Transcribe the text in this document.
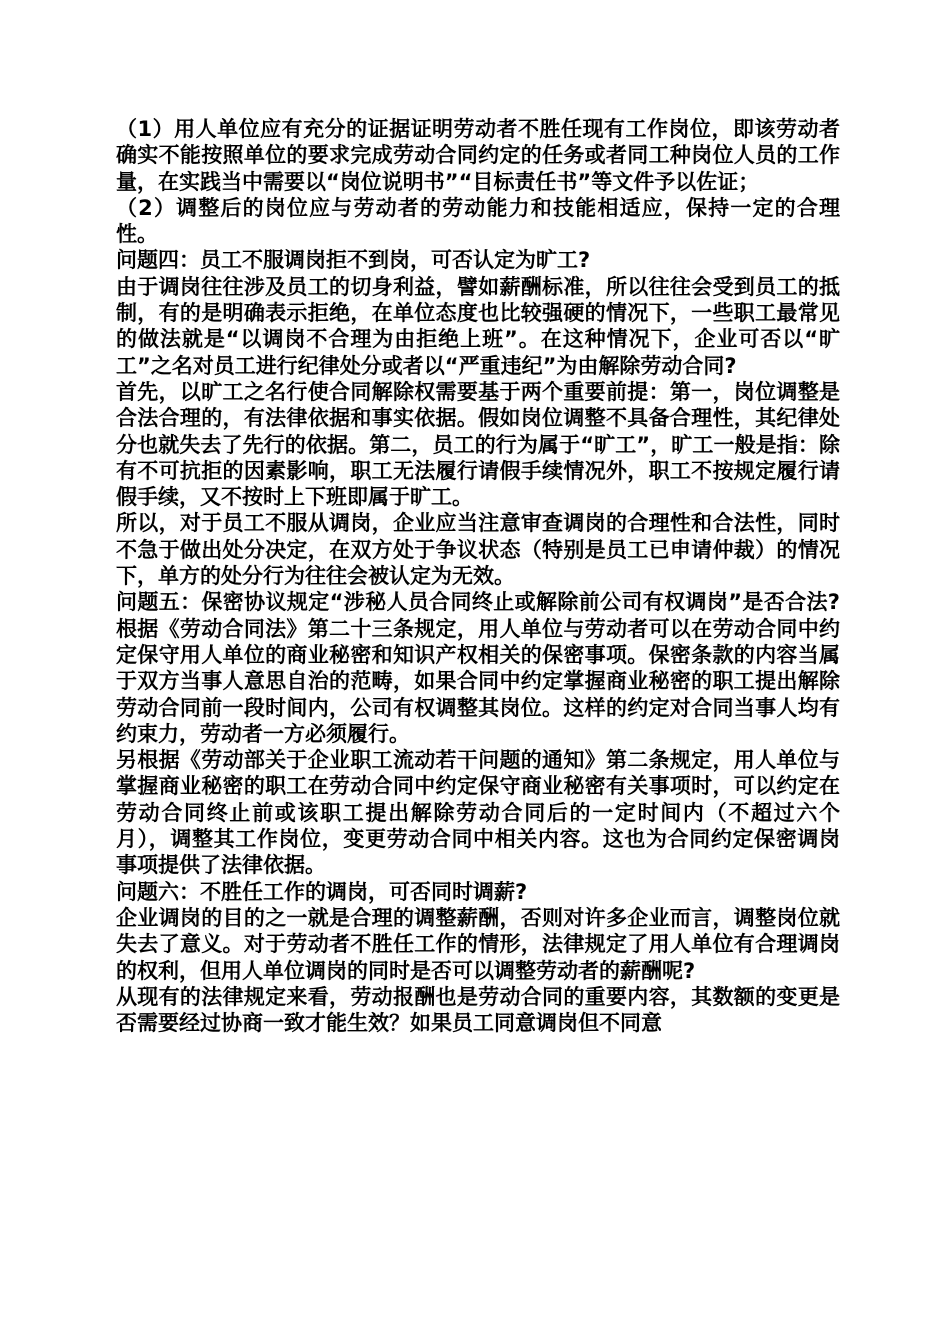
（1）用人单位应有充分的证据证明劳动者不胜任现有工作岗位，即该劳动者确实不能按照单位的要求完成劳动合同约定的任务或者同工种岗位人员的工作量，在实践当中需要以“岗位说明书”“目标责任书”等文件予以佐证；

（2）调整后的岗位应与劳动者的劳动能力和技能相适应，保持一定的合理性。

问题四：员工不服调岗拒不到岗，可否认定为旷工?

由于调岗往往涉及员工的切身利益，譬如薪酬标准，所以往往会受到员工的抵制，有的是明确表示拒绝，在单位态度也比较强硬的情况下，一些职工最常见的做法就是“以调岗不合理为由拒绝上班”。在这种情况下，企业可否以“旷工”之名对员工进行纪律处分或者以“严重违纪”为由解除劳动合同?

首先，以旷工之名行使合同解除权需要基于两个重要前提：第一，岗位调整是合法合理的，有法律依据和事实依据。假如岗位调整不具备合理性，其纪律处分也就失去了先行的依据。第二，员工的行为属于“旷工”，旷工一般是指：除有不可抗拒的因素影响，职工无法履行请假手续情况外，职工不按规定履行请假手续，又不按时上下班即属于旷工。

所以，对于员工不服从调岗，企业应当注意审查调岗的合理性和合法性，同时不急于做出处分决定，在双方处于争议状态（特别是员工已申请仲裁）的情况下，单方的处分行为往往会被认定为无效。

问题五：保密协议规定“涉秘人员合同终止或解除前公司有权调岗”是否合法?　根据《劳动合同法》第二十三条规定，用人单位与劳动者可以在劳动合同中约定保守用人单位的商业秘密和知识产权相关的保密事项。保密条款的内容当属于双方当事人意思自治的范畴，如果合同中约定掌握商业秘密的职工提出解除劳动合同前一段时间内，公司有权调整其岗位。这样的约定对合同当事人均有约束力，劳动者一方必须履行。

另根据《劳动部关于企业职工流动若干问题的通知》第二条规定，用人单位与掌握商业秘密的职工在劳动合同中约定保守商业秘密有关事项时，可以约定在劳动合同终止前或该职工提出解除劳动合同后的一定时间内（不超过六个月），调整其工作岗位，变更劳动合同中相关内容。这也为合同约定保密调岗事项提供了法律依据。

问题六：不胜任工作的调岗，可否同时调薪?

企业调岗的目的之一就是合理的调整薪酬，否则对许多企业而言，调整岗位就失去了意义。对于劳动者不胜任工作的情形，法律规定了用人单位有合理调岗的权利，但用人单位调岗的同时是否可以调整劳动者的薪酬呢?

从现有的法律规定来看，劳动报酬也是劳动合同的重要内容，其数额的变更是否需要经过协商一致才能生效？如果员工同意调岗但不同意
